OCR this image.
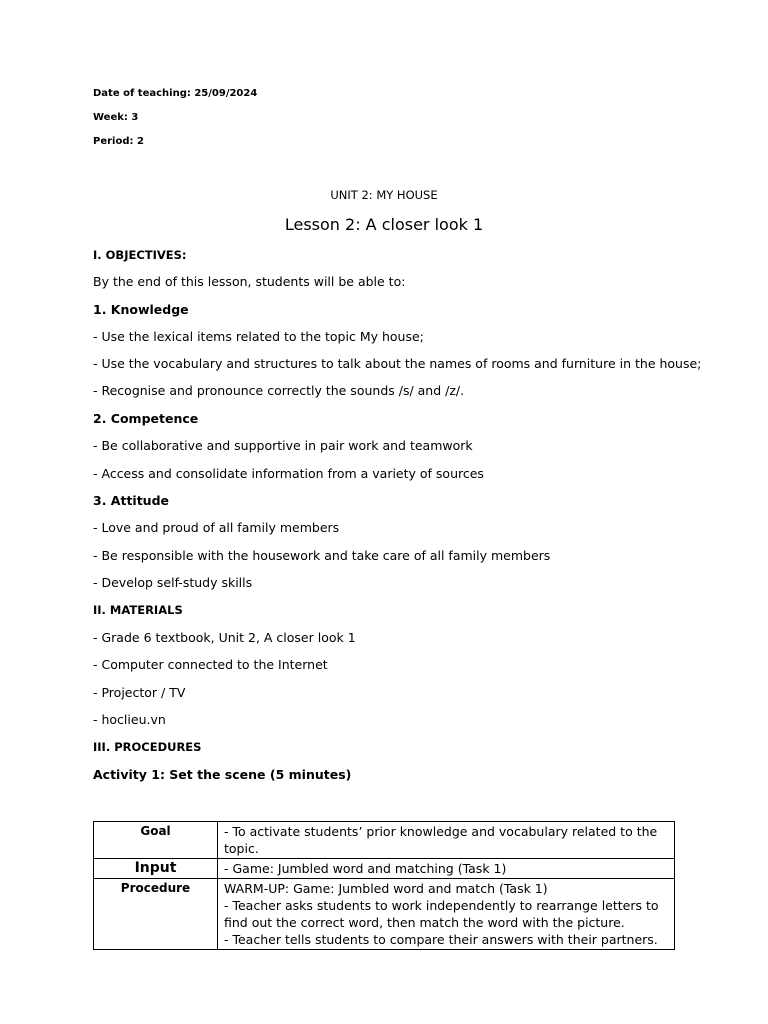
Date of teaching: 25/09/2024
Week: 3
Period: 2
UNIT 2: MY HOUSE
Lesson 2: A closer look 1
I. OBJECTIVES:
By the end of this lesson, students will be able to:
1. Knowledge
- Use the lexical items related to the topic My house;
- Use the vocabulary and structures to talk about the names of rooms and furniture in the house;
- Recognise and pronounce correctly the sounds /s/ and /z/.
2. Competence
- Be collaborative and supportive in pair work and teamwork
- Access and consolidate information from a variety of sources
3. Attitude
- Love and proud of all family members
- Be responsible with the housework and take care of all family members
- Develop self-study skills
II. MATERIALS
- Grade 6 textbook, Unit 2, A closer look 1
- Computer connected to the Internet
- Projector / TV
- hoclieu.vn
III. PROCEDURES
Activity 1: Set the scene (5 minutes)
Goal	- To activate students’ prior knowledge and vocabulary related to the topic.
Input	- Game: Jumbled word and matching (Task 1)
Procedure	WARM-UP: Game: Jumbled word and match (Task 1)
- Teacher asks students to work independently to rearrange letters to find out the correct word, then match the word with the picture.
- Teacher tells students to compare their answers with their partners.
